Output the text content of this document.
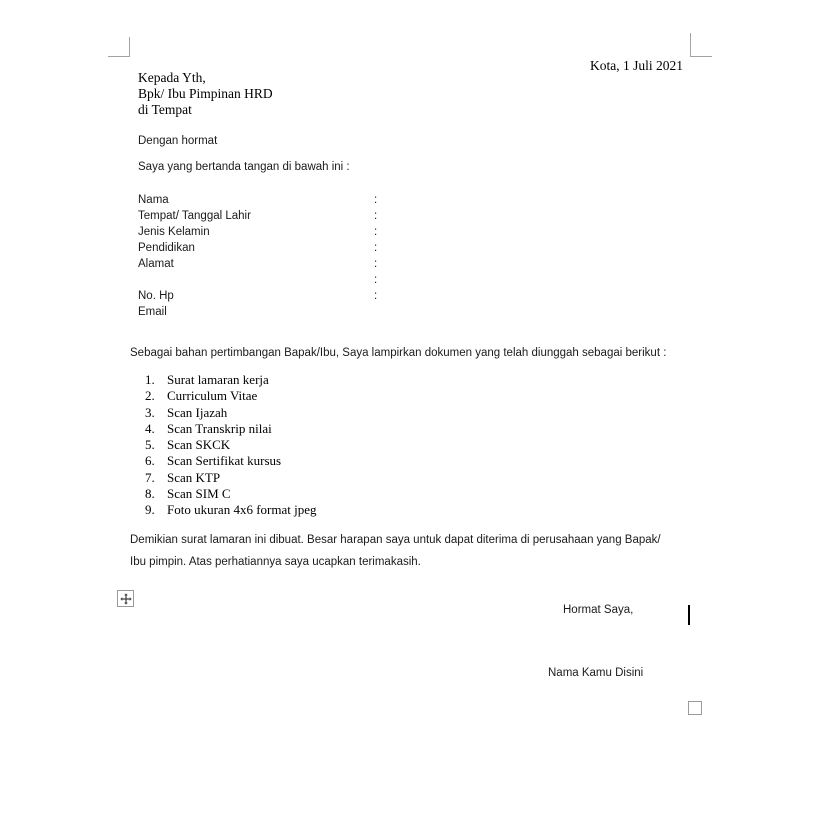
Kota, 1 Juli 2021
Kepada Yth,
Bpk/ Ibu Pimpinan HRD
di Tempat
Dengan hormat
Saya yang bertanda tangan di bawah ini :
Nama	:
Tempat/ Tanggal Lahir	:
Jenis Kelamin	:
Pendidikan	:
Alamat	:
:
No. Hp	:
Email
Sebagai bahan pertimbangan Bapak/Ibu, Saya lampirkan dokumen yang telah diunggah sebagai berikut :
1. Surat lamaran kerja
2. Curriculum Vitae
3. Scan Ijazah
4. Scan Transkrip nilai
5. Scan SKCK
6. Scan Sertifikat kursus
7. Scan KTP
8. Scan SIM C
9. Foto ukuran 4x6 format jpeg
Demikian surat lamaran ini dibuat. Besar harapan saya untuk dapat diterima di perusahaan yang Bapak/
Ibu pimpin. Atas perhatiannya saya ucapkan terimakasih.
Hormat Saya,
Nama Kamu Disini
